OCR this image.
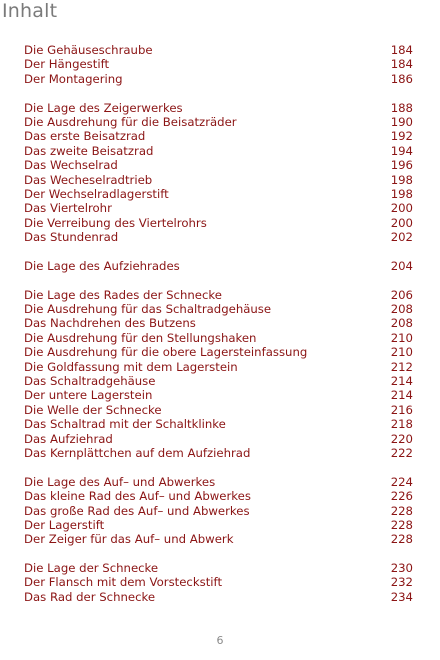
Inhalt
Die Gehäuseschraube	184
Der Hängestift	184
Der Montagering	186
Die Lage des Zeigerwerkes	188
Die Ausdrehung für die Beisatzräder	190
Das erste Beisatzrad	192
Das zweite Beisatzrad	194
Das Wechselrad	196
Das Wecheselradtrieb	198
Der Wechselradlagerstift	198
Das Viertelrohr	200
Die Verreibung des Viertelrohrs	200
Das Stundenrad	202
Die Lage des Aufziehrades	204
Die Lage des Rades der Schnecke	206
Die Ausdrehung für das Schaltradgehäuse	208
Das Nachdrehen des Butzens	208
Die Ausdrehung für den Stellungshaken	210
Die Ausdrehung für die obere Lagersteinfassung	210
Die Goldfassung mit dem Lagerstein	212
Das Schaltradgehäuse	214
Der untere Lagerstein	214
Die Welle der Schnecke	216
Das Schaltrad mit der Schaltklinke	218
Das Aufziehrad	220
Das Kernplättchen auf dem Aufziehrad	222
Die Lage des Auf– und Abwerkes	224
Das kleine Rad des Auf– und Abwerkes	226
Das große Rad des Auf– und Abwerkes	228
Der Lagerstift	228
Der Zeiger für das Auf– und Abwerk	228
Die Lage der Schnecke	230
Der Flansch mit dem Vorsteckstift	232
Das Rad der Schnecke	234
6
